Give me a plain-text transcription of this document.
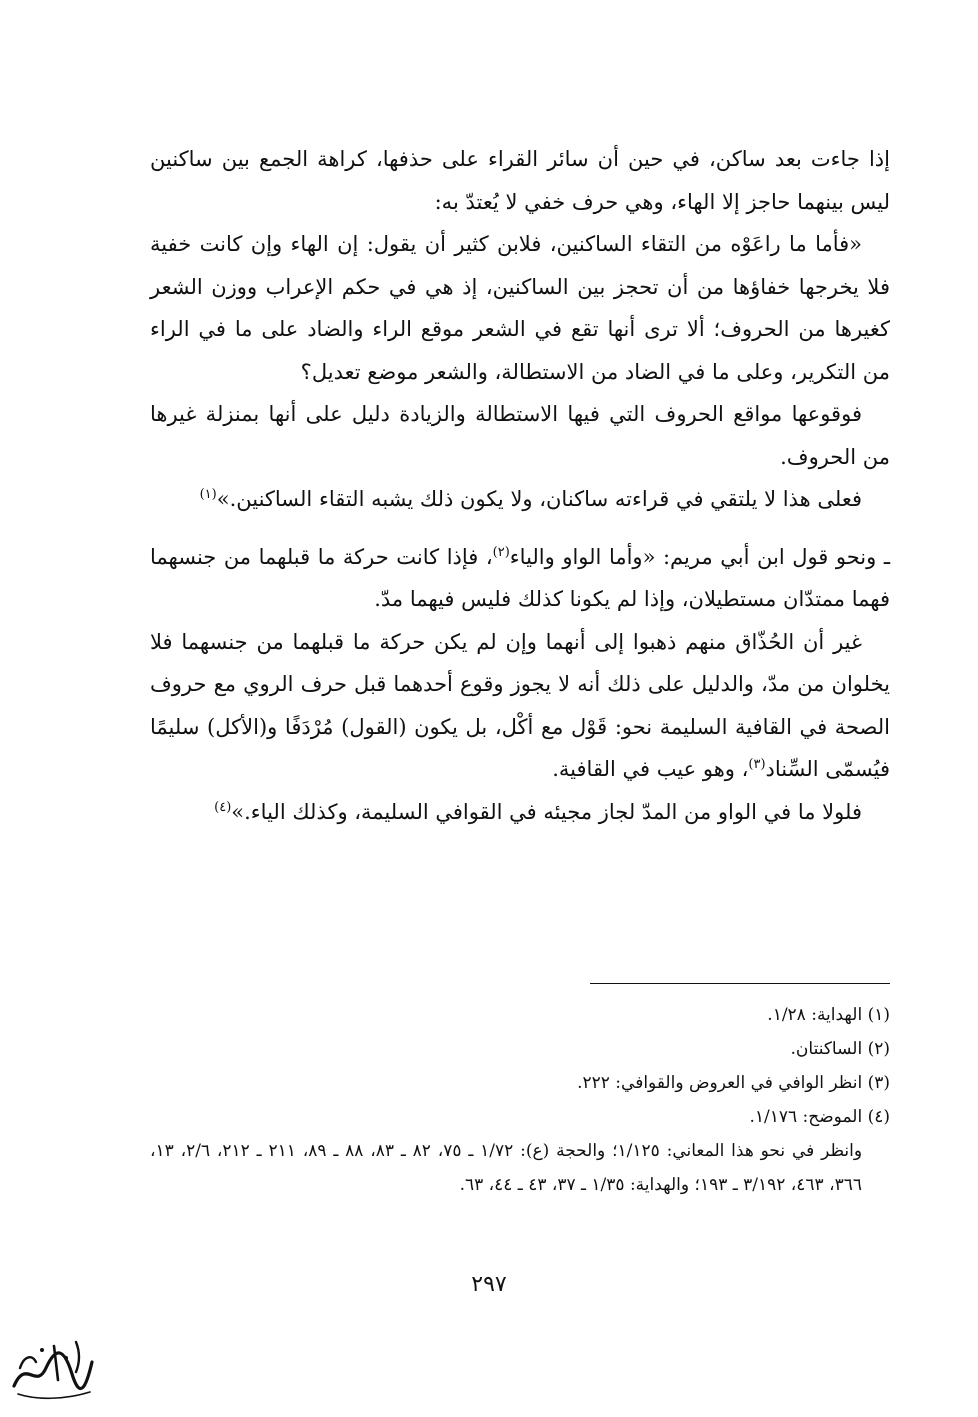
إذا جاءت بعد ساكن، في حين أن سائر القراء على حذفها، كراهة الجمع بين ساكنين ليس بينهما حاجز إلا الهاء، وهي حرف خفي لا يُعتدّ به:

«فأما ما راعَوْه من التقاء الساكنين، فلابن كثير أن يقول: إن الهاء وإن كانت خفية فلا يخرجها خفاؤها من أن تحجز بين الساكنين، إذ هي في حكم الإعراب ووزن الشعر كغيرها من الحروف؛ ألا ترى أنها تقع في الشعر موقع الراء والضاد على ما في الراء من التكرير، وعلى ما في الضاد من الاستطالة، والشعر موضع تعديل؟

فوقوعها مواقع الحروف التي فيها الاستطالة والزيادة دليل على أنها بمنزلة غيرها من الحروف.

فعلى هذا لا يلتقي في قراءته ساكنان، ولا يكون ذلك يشبه التقاء الساكنين.»$^{(١)}$

ـ ونحو قول ابن أبي مريم: «وأما الواو والياء$^{(٢)}$، فإذا كانت حركة ما قبلهما من جنسهما فهما ممتدّان مستطيلان، وإذا لم يكونا كذلك فليس فيهما مدّ.

غير أن الحُذّاق منهم ذهبوا إلى أنهما وإن لم يكن حركة ما قبلهما من جنسهما فلا يخلوان من مدّ، والدليل على ذلك أنه لا يجوز وقوع أحدهما قبل حرف الروي مع حروف الصحة في القافية السليمة نحو: قَوْل مع أكْل، بل يكون (القول) مُرْدَفًا و(الأكل) سليمًا فيُسمّى السِّناد$^{(٣)}$، وهو عيب في القافية.

فلولا ما في الواو من المدّ لجاز مجيئه في القوافي السليمة، وكذلك الياء.»$^{(٤)}$

(١) الهداية: ١/٢٨.

(٢) الساكنتان.

(٣) انظر الوافي في العروض والقوافي: ٢٢٢.

(٤) الموضح: ١/١٧٦.

وانظر في نحو هذا المعاني: ١/١٢٥؛ والحجة (ع): ١/٧٢ ـ ٧٥، ٨٢ ـ ٨٣، ٨٨ ـ ٨٩، ٢١١ ـ ٢١٢، ٢/٦، ١٣، ٣٦٦، ٤٦٣، ٣/١٩٢ ـ ١٩٣؛ والهداية: ١/٣٥ ـ ٣٧، ٤٣ ـ ٤٤، ٦٣.

٢٩٧
